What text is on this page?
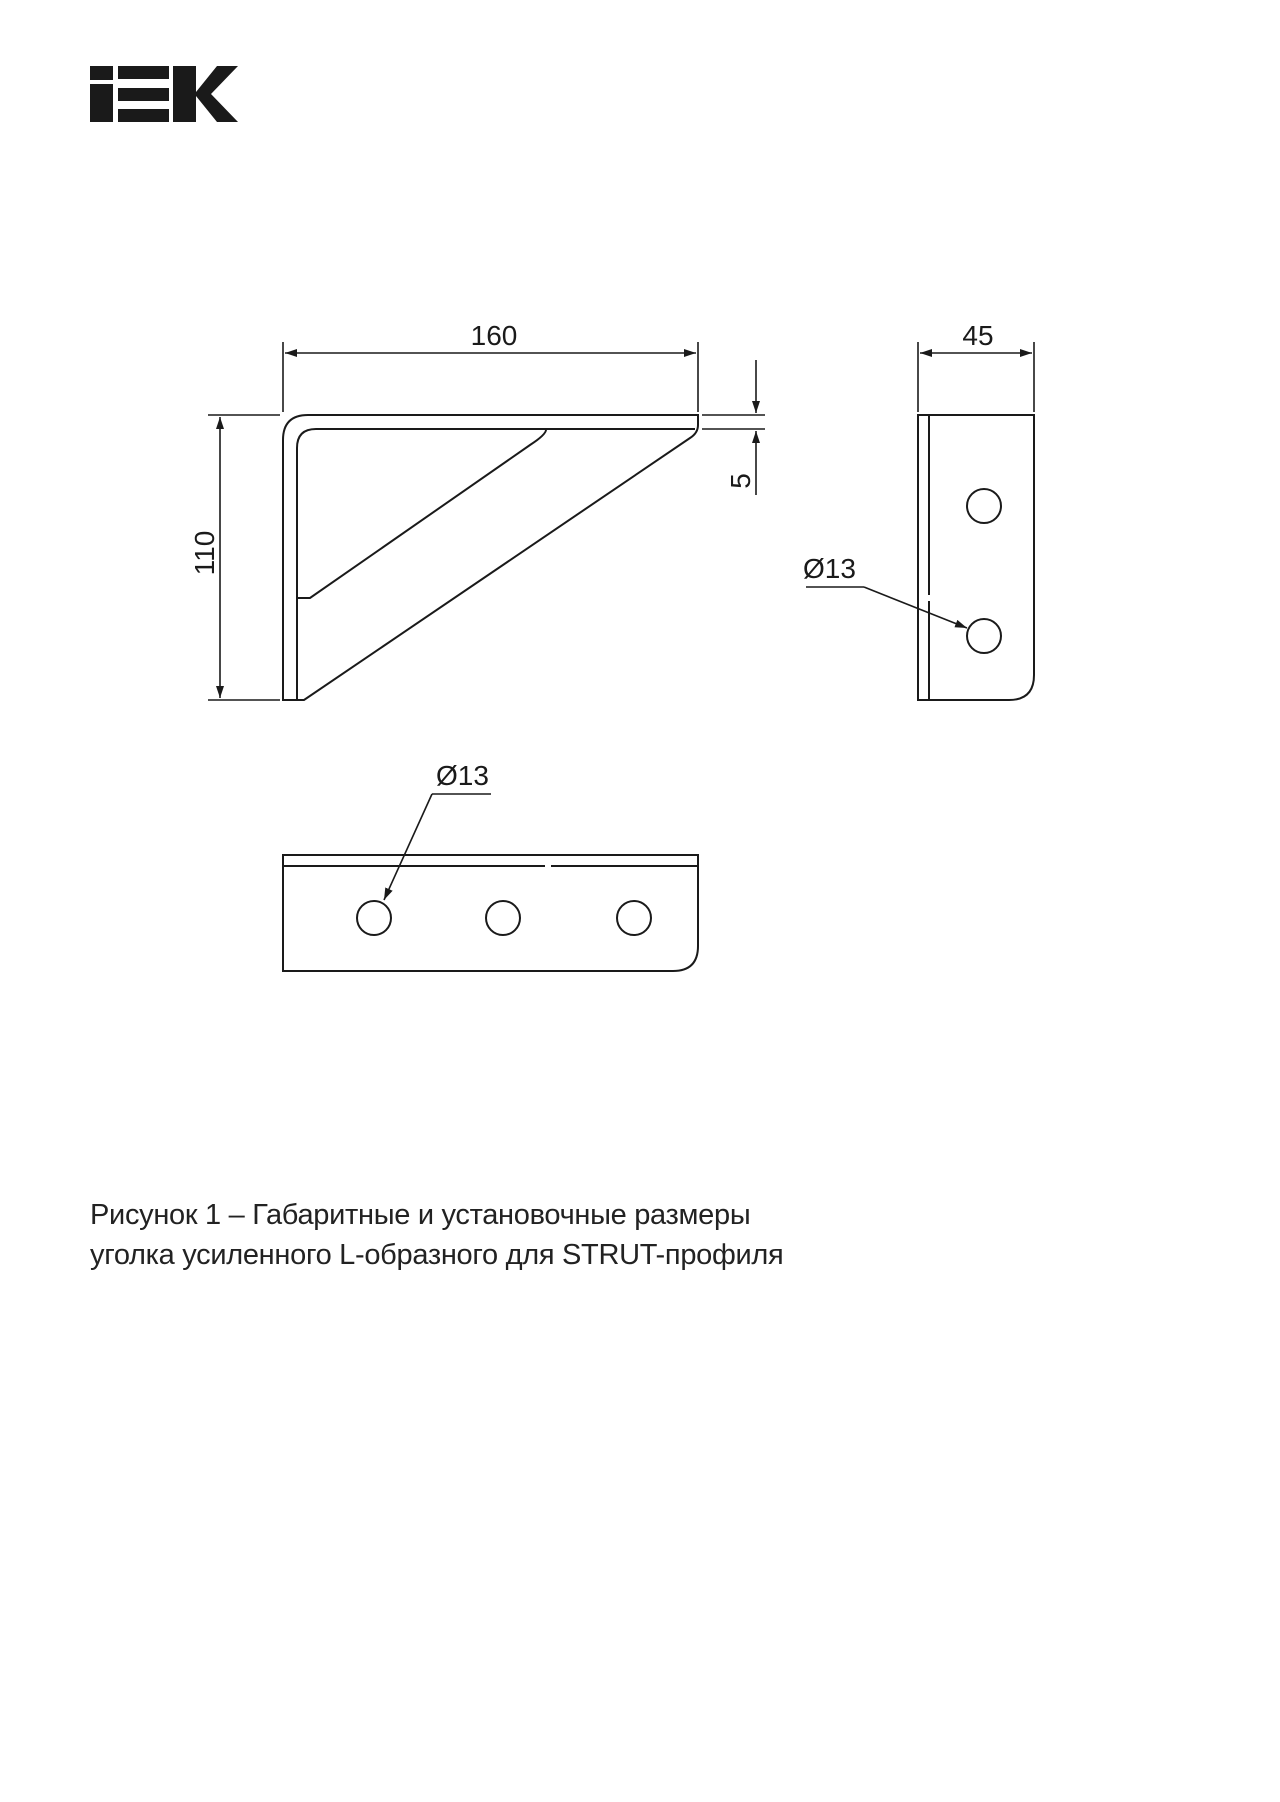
160
110
5
45
Ø13
Ø13
Рисунок 1 – Габаритные и установочные размеры
уголка усиленного L-образного для STRUT-профиля
